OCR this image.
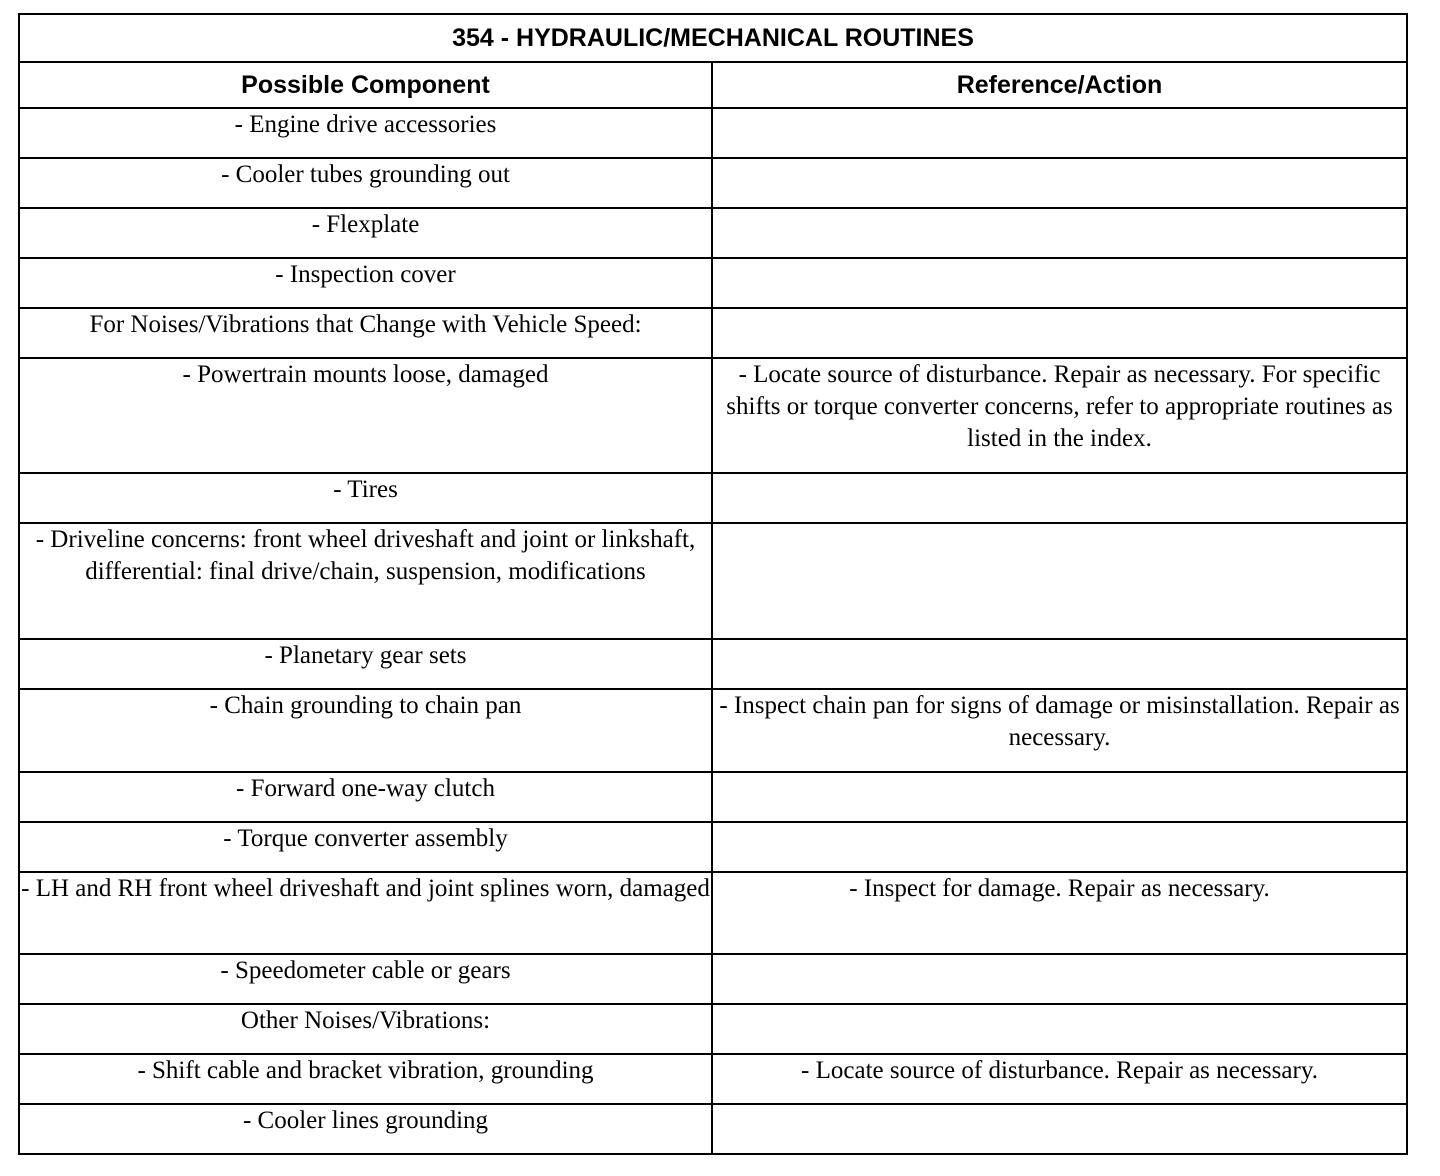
354 - HYDRAULIC/MECHANICAL ROUTINES	
Possible Component	Reference/Action
- Engine drive accessories	
- Cooler tubes grounding out	
- Flexplate	
- Inspection cover	
For Noises/Vibrations that Change with Vehicle Speed:	
- Powertrain mounts loose, damaged	- Locate source of disturbance. Repair as necessary. For specific shifts or torque converter concerns, refer to appropriate routines as listed in the index.
- Tires	
- Driveline concerns: front wheel driveshaft and joint or linkshaft, differential: final drive/chain, suspension, modifications	
- Planetary gear sets	
- Chain grounding to chain pan	- Inspect chain pan for signs of damage or misinstallation. Repair as necessary.
- Forward one-way clutch	
- Torque converter assembly	
- LH and RH front wheel driveshaft and joint splines worn, damaged	- Inspect for damage. Repair as necessary.
- Speedometer cable or gears	
Other Noises/Vibrations:	
- Shift cable and bracket vibration, grounding	- Locate source of disturbance. Repair as necessary.
- Cooler lines grounding	
